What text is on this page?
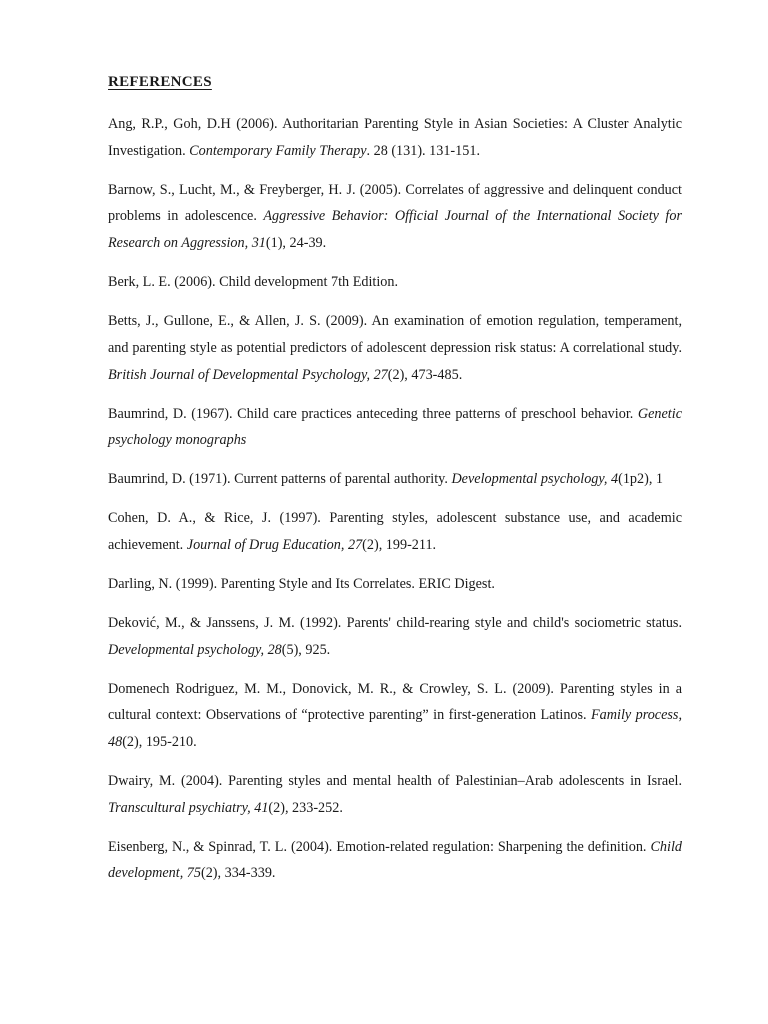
REFERENCES

Ang, R.P., Goh, D.H (2006). Authoritarian Parenting Style in Asian Societies: A Cluster Analytic Investigation. Contemporary Family Therapy. 28 (131). 131-151.

Barnow, S., Lucht, M., & Freyberger, H. J. (2005). Correlates of aggressive and delinquent conduct problems in adolescence. Aggressive Behavior: Official Journal of the International Society for Research on Aggression, 31(1), 24-39.

Berk, L. E. (2006). Child development 7th Edition.

Betts, J., Gullone, E., & Allen, J. S. (2009). An examination of emotion regulation, temperament, and parenting style as potential predictors of adolescent depression risk status: A correlational study. British Journal of Developmental Psychology, 27(2), 473-485.

Baumrind, D. (1967). Child care practices anteceding three patterns of preschool behavior. Genetic psychology monographs

Baumrind, D. (1971). Current patterns of parental authority. Developmental psychology, 4(1p2), 1

Cohen, D. A., & Rice, J. (1997). Parenting styles, adolescent substance use, and academic achievement. Journal of Drug Education, 27(2), 199-211.

Darling, N. (1999). Parenting Style and Its Correlates. ERIC Digest.

Deković, M., & Janssens, J. M. (1992). Parents' child-rearing style and child's sociometric status. Developmental psychology, 28(5), 925.

Domenech Rodriguez, M. M., Donovick, M. R., & Crowley, S. L. (2009). Parenting styles in a cultural context: Observations of “protective parenting” in first-generation Latinos. Family process, 48(2), 195-210.

Dwairy, M. (2004). Parenting styles and mental health of Palestinian–Arab adolescents in Israel. Transcultural psychiatry, 41(2), 233-252.

Eisenberg, N., & Spinrad, T. L. (2004). Emotion-related regulation: Sharpening the definition. Child development, 75(2), 334-339.
